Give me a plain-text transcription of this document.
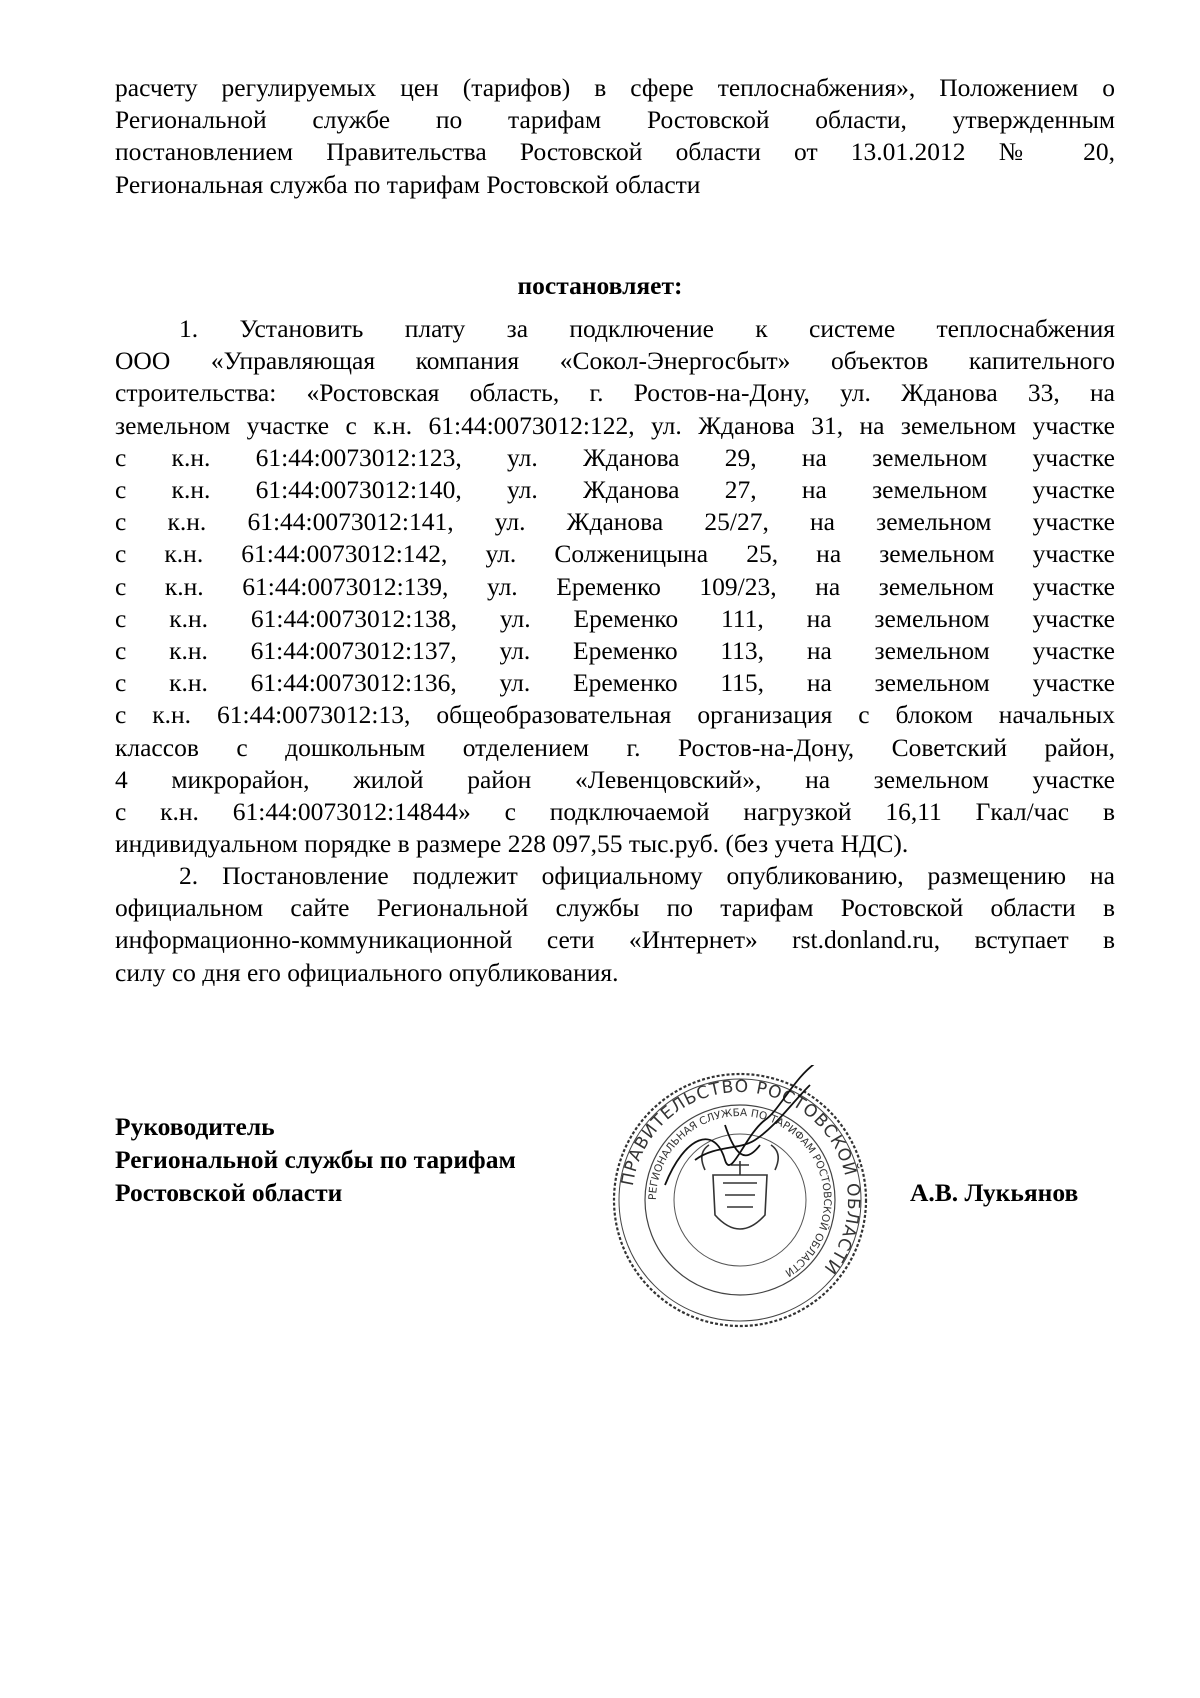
расчету регулируемых цен (тарифов) в сфере теплоснабжения», Положением о

Региональной службе по тарифам Ростовской области, утвержденным

постановлением Правительства Ростовской области от 13.01.2012 № 20,

Региональная служба по тарифам Ростовской области

постановляет:

1. Установить плату за подключение к системе теплоснабжения

ООО «Управляющая компания «Сокол-Энергосбыт» объектов капительного

строительства: «Ростовская область, г. Ростов-на-Дону, ул. Жданова 33, на

земельном участке с к.н. 61:44:0073012:122, ул. Жданова 31, на земельном участке

с к.н. 61:44:0073012:123, ул. Жданова 29, на земельном участке

с к.н. 61:44:0073012:140, ул. Жданова 27, на земельном участке

с к.н. 61:44:0073012:141, ул. Жданова 25/27, на земельном участке

с к.н. 61:44:0073012:142, ул. Солженицына 25, на земельном участке

с к.н. 61:44:0073012:139, ул. Еременко 109/23, на земельном участке

с к.н. 61:44:0073012:138, ул. Еременко 111, на земельном участке

с к.н. 61:44:0073012:137, ул. Еременко 113, на земельном участке

с к.н. 61:44:0073012:136, ул. Еременко 115, на земельном участке

с к.н. 61:44:0073012:13, общеобразовательная организация с блоком начальных

классов с дошкольным отделением г. Ростов-на-Дону, Советский район,

4 микрорайон, жилой район «Левенцовский», на земельном участке

с к.н. 61:44:0073012:14844» с подключаемой нагрузкой 16,11 Гкал/час в

индивидуальном порядке в размере 228 097,55 тыс.руб. (без учета НДС).

2. Постановление подлежит официальному опубликованию, размещению на

официальном сайте Региональной службы по тарифам Ростовской области в

информационно-коммуникационной сети «Интернет» rst.donland.ru, вступает в

силу со дня его официального опубликования.

Руководитель
Региональной службы по тарифам
Ростовской области	А.В. Лукьянов
ПРАВИТЕЛЬСТВО РОСТОВСКОЙ ОБЛАСТИ
РЕГИОНАЛЬНАЯ СЛУЖБА ПО ТАРИФАМ РОСТОВСКОЙ ОБЛАСТИ
